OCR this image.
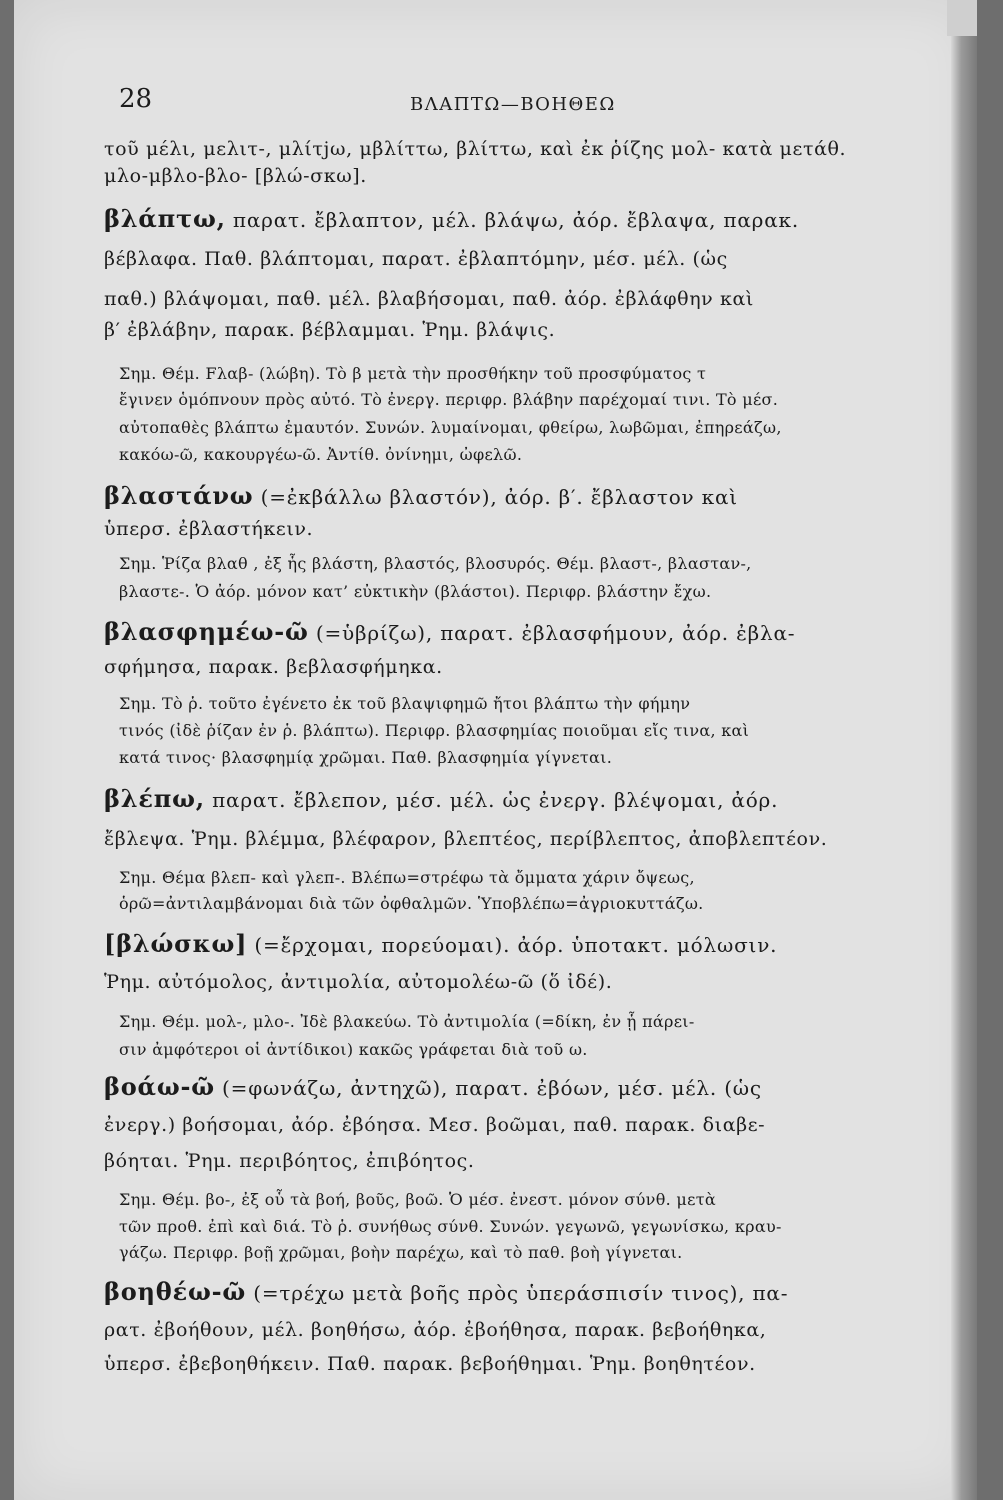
28	ΒΛΑΠΤΩ—ΒΟΗΘΕΩ
τοῦ μέλι, μελιτ-, μλίτjω, μβλίττω, βλίττω, καὶ ἐκ ῥίζης μολ- κατὰ μετάθ.
μλο-μβλο-βλο- [βλώ-σκω].
βλάπτω, παρατ. ἔβλαπτον, μέλ. βλάψω, ἀόρ. ἔβλαψα, παρακ.
βέβλαφα. Παθ. βλάπτομαι, παρατ. ἐβλαπτόμην, μέσ. μέλ. (ὡς
παθ.) βλάψομαι, παθ. μέλ. βλαβήσομαι, παθ. ἀόρ. ἐβλάφθην καὶ
β′ ἐβλάβην, παρακ. βέβλαμμαι. Ῥημ. βλάψις.
Σημ. Θέμ. Fλαβ- (λώβη). Τὸ β μετὰ τὴν προσθήκην τοῦ προσφύματος τ
ἔγινεν ὁμόπνουν πρὸς αὐτό. Τὸ ἐνεργ. περιφρ. βλάβην παρέχομαί τινι. Τὸ μέσ.
αὐτοπαθὲς βλάπτω ἐμαυτόν. Συνών. λυμαίνομαι, φθείρω, λωβῶμαι, ἐπηρεάζω,
κακόω-ῶ, κακουργέω-ῶ. Ἀντίθ. ὀνίνημι, ὠφελῶ.
βλαστάνω (=ἐκβάλλω βλαστόν), ἀόρ. β′. ἔβλαστον καὶ
ὑπερσ. ἐβλαστήκειν.
Σημ. Ῥίζα βλαθ , ἐξ ἧς βλάστη, βλαστός, βλοσυρός. Θέμ. βλαστ-, βλασταν-,
βλαστε-. Ὁ ἀόρ. μόνον κατ’ εὐκτικὴν (βλάστοι). Περιφρ. βλάστην ἔχω.
βλασφημέω-ῶ (=ὑβρίζω), παρατ. ἐβλασφήμουν, ἀόρ. ἐβλα-
σφήμησα, παρακ. βεβλασφήμηκα.
Σημ. Τὸ ῥ. τοῦτο ἐγένετο ἐκ τοῦ βλαψιφημῶ ἤτοι βλάπτω τὴν φήμην
τινός (ἰδὲ ῥίζαν ἐν ῥ. βλάπτω). Περιφρ. βλασφημίας ποιοῦμαι εἴς τινα, καὶ
κατά τινος· βλασφημίᾳ χρῶμαι. Παθ. βλασφημία γίγνεται.
βλέπω, παρατ. ἔβλεπον, μέσ. μέλ. ὡς ἐνεργ. βλέψομαι, ἀόρ.
ἔβλεψα. Ῥημ. βλέμμα, βλέφαρον, βλεπτέος, περίβλεπτος, ἀποβλεπτέον.
Σημ. Θέμα βλεπ- καὶ γλεπ-. Βλέπω=στρέφω τὰ ὄμματα χάριν ὄψεως,
ὁρῶ=ἀντιλαμβάνομαι διὰ τῶν ὀφθαλμῶν. Ὑποβλέπω=ἀγριοκυττάζω.
[βλώσκω] (=ἔρχομαι, πορεύομαι). ἀόρ. ὑποτακτ. μόλωσιν.
Ῥημ. αὐτόμολος, ἀντιμολία, αὐτομολέω-ῶ (ὅ ἰδέ).
Σημ. Θέμ. μολ-, μλο-. Ἰδὲ βλακεύω. Τὸ ἀντιμολία (=δίκη, ἐν ᾗ πάρει-
σιν ἀμφότεροι οἱ ἀντίδικοι) κακῶς γράφεται διὰ τοῦ ω.
βοάω-ῶ (=φωνάζω, ἀντηχῶ), παρατ. ἐβόων, μέσ. μέλ. (ὡς
ἐνεργ.) βοήσομαι, ἀόρ. ἐβόησα. Μεσ. βοῶμαι, παθ. παρακ. διαβε-
βόηται. Ῥημ. περιβόητος, ἐπιβόητος.
Σημ. Θέμ. βο-, ἐξ οὗ τὰ βοή, βοῦς, βοῶ. Ὁ μέσ. ἐνεστ. μόνον σύνθ. μετὰ
τῶν προθ. ἐπὶ καὶ διά. Τὸ ῥ. συνήθως σύνθ. Συνών. γεγωνῶ, γεγωνίσκω, κραυ-
γάζω. Περιφρ. βοῇ χρῶμαι, βοὴν παρέχω, καὶ τὸ παθ. βοὴ γίγνεται.
βοηθέω-ῶ (=τρέχω μετὰ βοῆς πρὸς ὑπεράσπισίν τινος), πα-
ρατ. ἐβοήθουν, μέλ. βοηθήσω, ἀόρ. ἐβοήθησα, παρακ. βεβοήθηκα,
ὑπερσ. ἐβεβοηθήκειν. Παθ. παρακ. βεβοήθημαι. Ῥημ. βοηθητέον.
